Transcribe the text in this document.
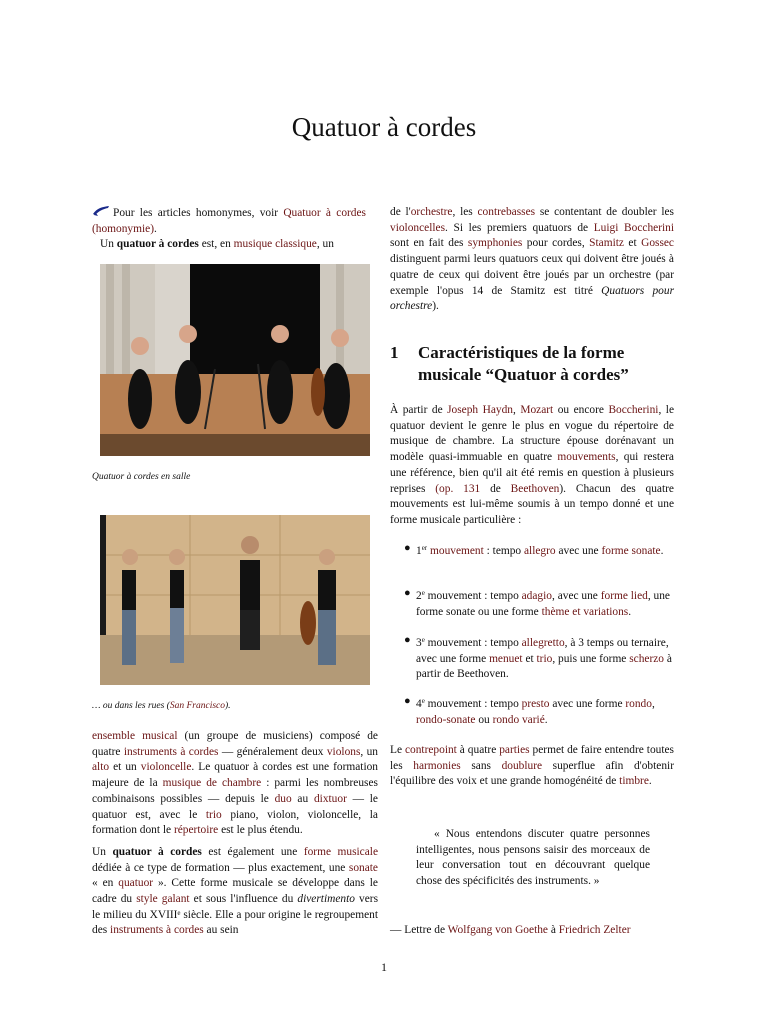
Quatuor à cordes

Pour les articles homonymes, voir Quatuor à cordes (homonymie).

Un quatuor à cordes est, en musique classique, un

Quatuor à cordes en salle
… ou dans les rues (San Francisco).

ensemble musical (un groupe de musiciens) composé de quatre instruments à cordes — généralement deux violons, un alto et un violoncelle. Le quatuor à cordes est une formation majeure de la musique de chambre : parmi les nombreuses combinaisons possibles — depuis le duo au dixtuor — le quatuor est, avec le trio piano, violon, violoncelle, la formation dont le répertoire est le plus étendu.

Un quatuor à cordes est également une forme musicale dédiée à ce type de formation — plus exactement, une sonate « en quatuor ». Cette forme musicale se développe dans le cadre du style galant et sous l'influence du divertimento vers le milieu du XVIIIᵉ siècle. Elle a pour origine le regroupement des instruments à cordes au sein

de l'orchestre, les contrebasses se contentant de doubler les violoncelles. Si les premiers quatuors de Luigi Boccherini sont en fait des symphonies pour cordes, Stamitz et Gossec distinguent parmi leurs quatuors ceux qui doivent être joués à quatre de ceux qui doivent être joués par un orchestre (par exemple l'opus 14 de Stamitz est titré Quatuors pour orchestre).

1 Caractéristiques de la forme musicale “Quatuor à cordes”

À partir de Joseph Haydn, Mozart ou encore Boccherini, le quatuor devient le genre le plus en vogue du répertoire de musique de chambre. La structure épouse dorénavant un modèle quasi-immuable en quatre mouvements, qui restera une référence, bien qu'il ait été remis en question à plusieurs reprises (op. 131 de Beethoven). Chacun des quatre mouvements est lui-même soumis à un tempo donné et une forme musicale particulière :

● 1er mouvement : tempo allegro avec une forme sonate.
● 2e mouvement : tempo adagio, avec une forme lied, une forme sonate ou une forme thème et variations.
● 3e mouvement : tempo allegretto, à 3 temps ou ternaire, avec une forme menuet et trio, puis une forme scherzo à partir de Beethoven.
● 4e mouvement : tempo presto avec une forme rondo, rondo-sonate ou rondo varié.

Le contrepoint à quatre parties permet de faire entendre toutes les harmonies sans doublure superflue afin d'obtenir l'équilibre des voix et une grande homogénéité de timbre.

« Nous entendons discuter quatre personnes intelligentes, nous pensons saisir des morceaux de leur conversation tout en découvrant quelque chose des spécificités des instruments. »
— Lettre de Wolfgang von Goethe à Friedrich Zelter
1
